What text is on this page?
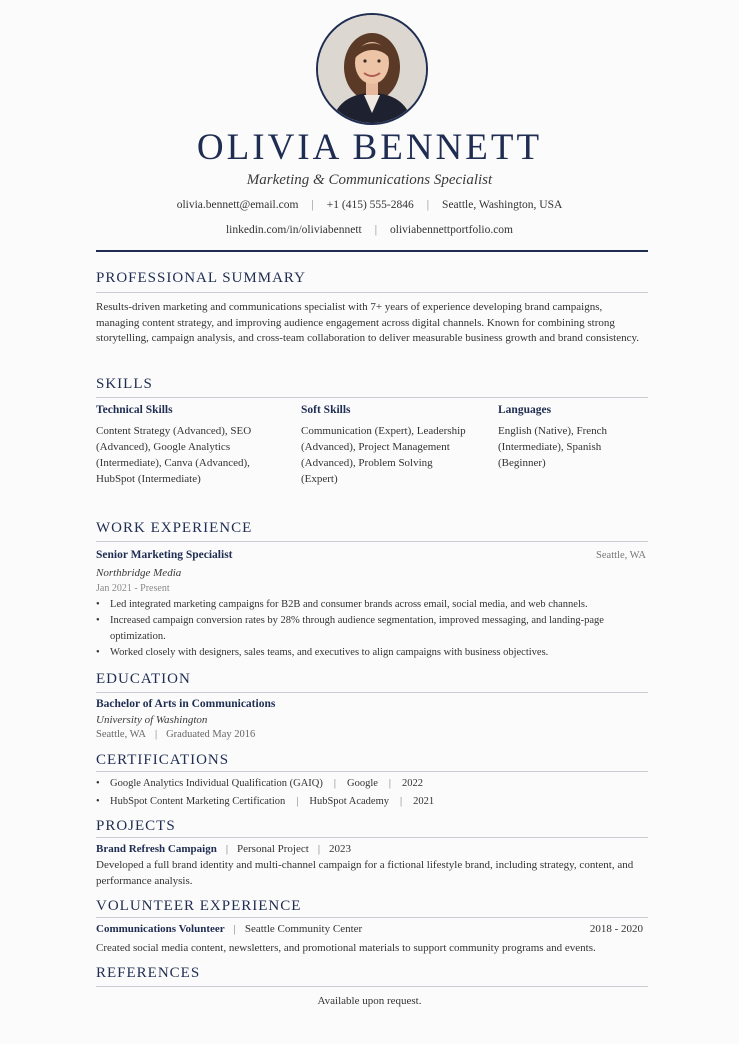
OLIVIA BENNETT
Marketing & Communications Specialist
olivia.bennett@email.com | +1 (415) 555-2846 | Seattle, Washington, USA
linkedin.com/in/oliviabennett | oliviabennettportfolio.com
PROFESSIONAL SUMMARY
Results-driven marketing and communications specialist with 7+ years of experience developing brand campaigns, managing content strategy, and improving audience engagement across digital channels. Known for combining strong storytelling, campaign analysis, and cross-team collaboration to deliver measurable business growth and brand consistency.
SKILLS
Technical Skills
Content Strategy (Advanced), SEO (Advanced), Google Analytics (Intermediate), Canva (Advanced), HubSpot (Intermediate)
Soft Skills
Communication (Expert), Leadership (Advanced), Project Management (Advanced), Problem Solving (Expert)
Languages
English (Native), French (Intermediate), Spanish (Beginner)
WORK EXPERIENCE
Senior Marketing Specialist	Seattle, WA
Northbridge Media
Jan 2021 - Present
• Led integrated marketing campaigns for B2B and consumer brands across email, social media, and web channels.
• Increased campaign conversion rates by 28% through audience segmentation, improved messaging, and landing-page optimization.
• Worked closely with designers, sales teams, and executives to align campaigns with business objectives.
EDUCATION
Bachelor of Arts in Communications
University of Washington
Seattle, WA | Graduated May 2016
CERTIFICATIONS
• Google Analytics Individual Qualification (GAIQ) | Google | 2022
• HubSpot Content Marketing Certification | HubSpot Academy | 2021
PROJECTS
Brand Refresh Campaign | Personal Project | 2023
Developed a full brand identity and multi-channel campaign for a fictional lifestyle brand, including strategy, content, and performance analysis.
VOLUNTEER EXPERIENCE
Communications Volunteer | Seattle Community Center	2018 - 2020
Created social media content, newsletters, and promotional materials to support community programs and events.
REFERENCES
Available upon request.
